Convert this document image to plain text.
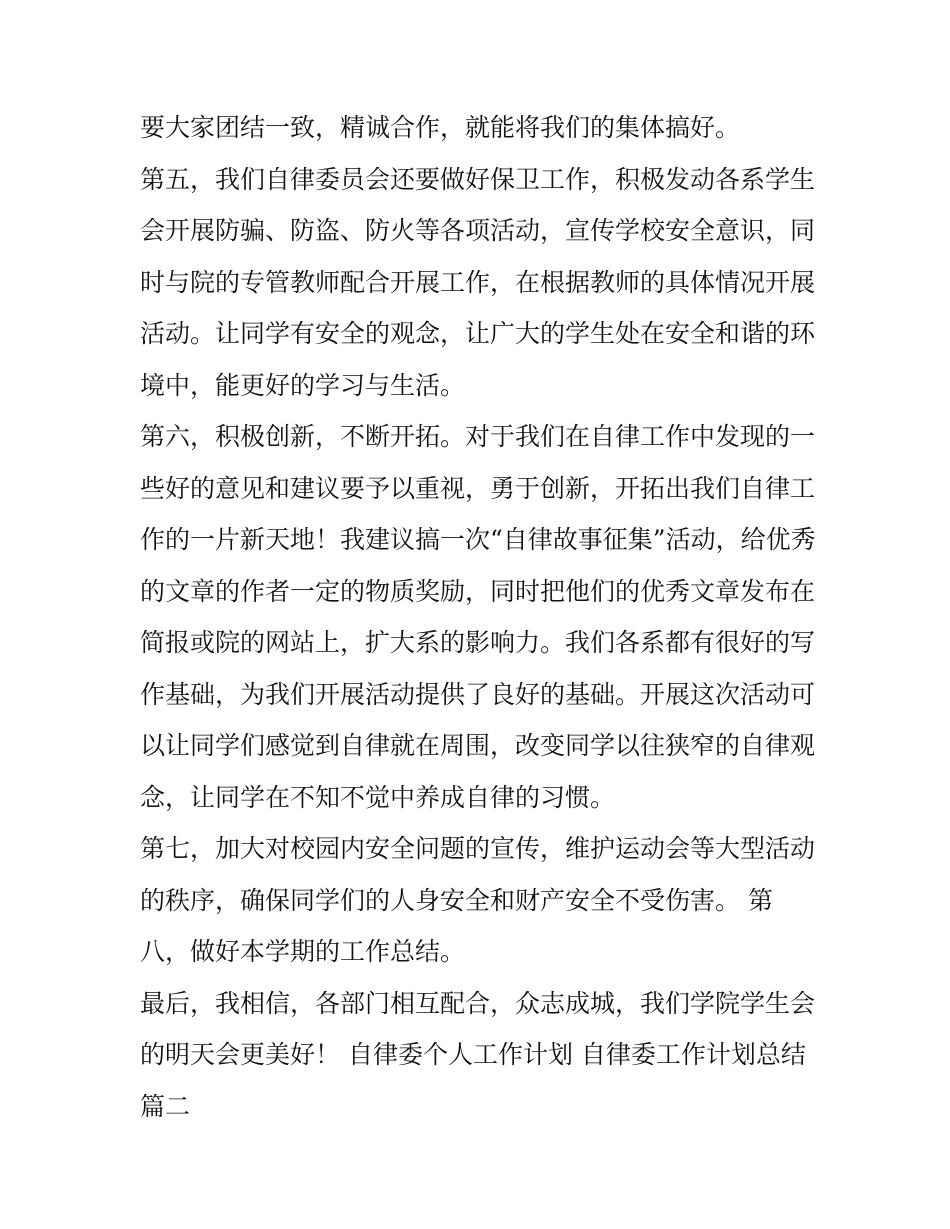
要大家团结一致，精诚合作，就能将我们的集体搞好。
第五，我们自律委员会还要做好保卫工作，积极发动各系学生
会开展防骗、防盗、防火等各项活动，宣传学校安全意识，同
时与院的专管教师配合开展工作，在根据教师的具体情况开展
活动。让同学有安全的观念，让广大的学生处在安全和谐的环
境中，能更好的学习与生活。
第六，积极创新，不断开拓。对于我们在自律工作中发现的一
些好的意见和建议要予以重视，勇于创新，开拓出我们自律工
作的一片新天地！我建议搞一次“自律故事征集”活动，给优秀
的文章的作者一定的物质奖励，同时把他们的优秀文章发布在
简报或院的网站上，扩大系的影响力。我们各系都有很好的写
作基础，为我们开展活动提供了良好的基础。开展这次活动可
以让同学们感觉到自律就在周围，改变同学以往狭窄的自律观
念，让同学在不知不觉中养成自律的习惯。
第七，加大对校园内安全问题的宣传，维护运动会等大型活动
的秩序，确保同学们的人身安全和财产安全不受伤害。 第
八，做好本学期的工作总结。
最后，我相信，各部门相互配合，众志成城，我们学院学生会
的明天会更美好！ 自律委个人工作计划 自律委工作计划总结
篇二
